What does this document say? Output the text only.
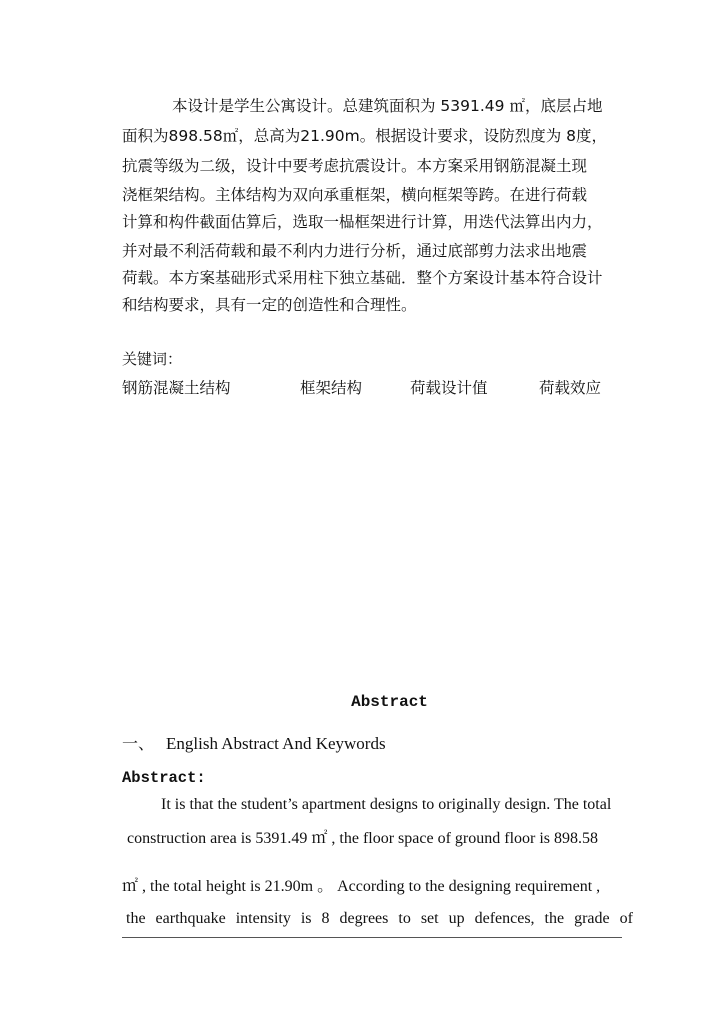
本设计是学生公寓设计。总建筑面积为 5391.49 ㎡，底层占地
面积为898.58㎡，总高为21.90m。根据设计要求，设防烈度为 8度，
抗震等级为二级，设计中要考虑抗震设计。本方案采用钢筋混凝土现
浇框架结构。主体结构为双向承重框架，横向框架等跨。在进行荷载
计算和构件截面估算后，选取一榀框架进行计算，用迭代法算出内力，
并对最不利活荷载和最不利内力进行分析，通过底部剪力法求出地震
荷载。本方案基础形式采用柱下独立基础．整个方案设计基本符合设计
和结构要求，具有一定的创造性和合理性。
关键词：
钢筋混凝土结构	框架结构	荷载设计值	荷载效应
Abstract
一、 English Abstract And Keywords
Abstract:
It is that the student’s apartment designs to originally design. The total
construction area is 5391.49 ㎡ , the floor space of ground floor is 898.58
㎡ , the total height is 21.90m 。 According to the designing requirement ,
the earthquake intensity is 8 degrees to set up defences, the grade of
